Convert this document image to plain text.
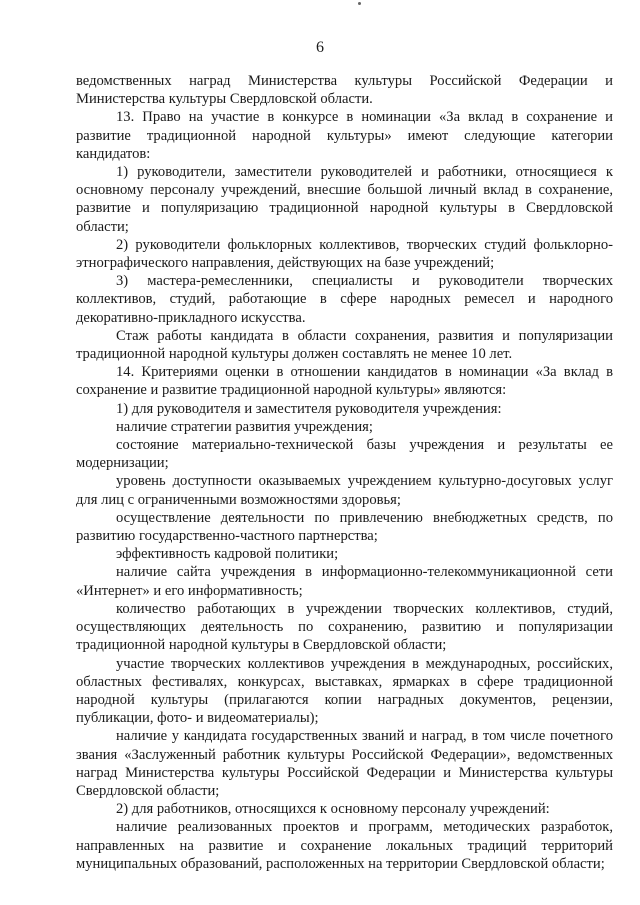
6

ведомственных наград Министерства культуры Российской Федерации и Министерства культуры Свердловской области.

13. Право на участие в конкурсе в номинации «За вклад в сохранение и развитие традиционной народной культуры» имеют следующие категории кандидатов:

1) руководители, заместители руководителей и работники, относящиеся к основному персоналу учреждений, внесшие большой личный вклад в сохранение, развитие и популяризацию традиционной народной культуры в Свердловской области;

2) руководители фольклорных коллективов, творческих студий фольклорно-этнографического направления, действующих на базе учреждений;

3) мастера-ремесленники, специалисты и руководители творческих коллективов, студий, работающие в сфере народных ремесел и народного декоративно-прикладного искусства.

Стаж работы кандидата в области сохранения, развития и популяризации традиционной народной культуры должен составлять не менее 10 лет.

14. Критериями оценки в отношении кандидатов в номинации «За вклад в сохранение и развитие традиционной народной культуры» являются:

1) для руководителя и заместителя руководителя учреждения:

наличие стратегии развития учреждения;

состояние материально-технической базы учреждения и результаты ее модернизации;

уровень доступности оказываемых учреждением культурно-досуговых услуг для лиц с ограниченными возможностями здоровья;

осуществление деятельности по привлечению внебюджетных средств, по развитию государственно-частного партнерства;

эффективность кадровой политики;

наличие сайта учреждения в информационно-телекоммуникационной сети «Интернет» и его информативность;

количество работающих в учреждении творческих коллективов, студий, осуществляющих деятельность по сохранению, развитию и популяризации традиционной народной культуры в Свердловской области;

участие творческих коллективов учреждения в международных, российских, областных фестивалях, конкурсах, выставках, ярмарках в сфере традиционной народной культуры (прилагаются копии наградных документов, рецензии, публикации, фото- и видеоматериалы);

наличие у кандидата государственных званий и наград, в том числе почетного звания «Заслуженный работник культуры Российской Федерации», ведомственных наград Министерства культуры Российской Федерации и Министерства культуры Свердловской области;

2) для работников, относящихся к основному персоналу учреждений:

наличие реализованных проектов и программ, методических разработок, направленных на развитие и сохранение локальных традиций территорий муниципальных образований, расположенных на территории Свердловской области;
